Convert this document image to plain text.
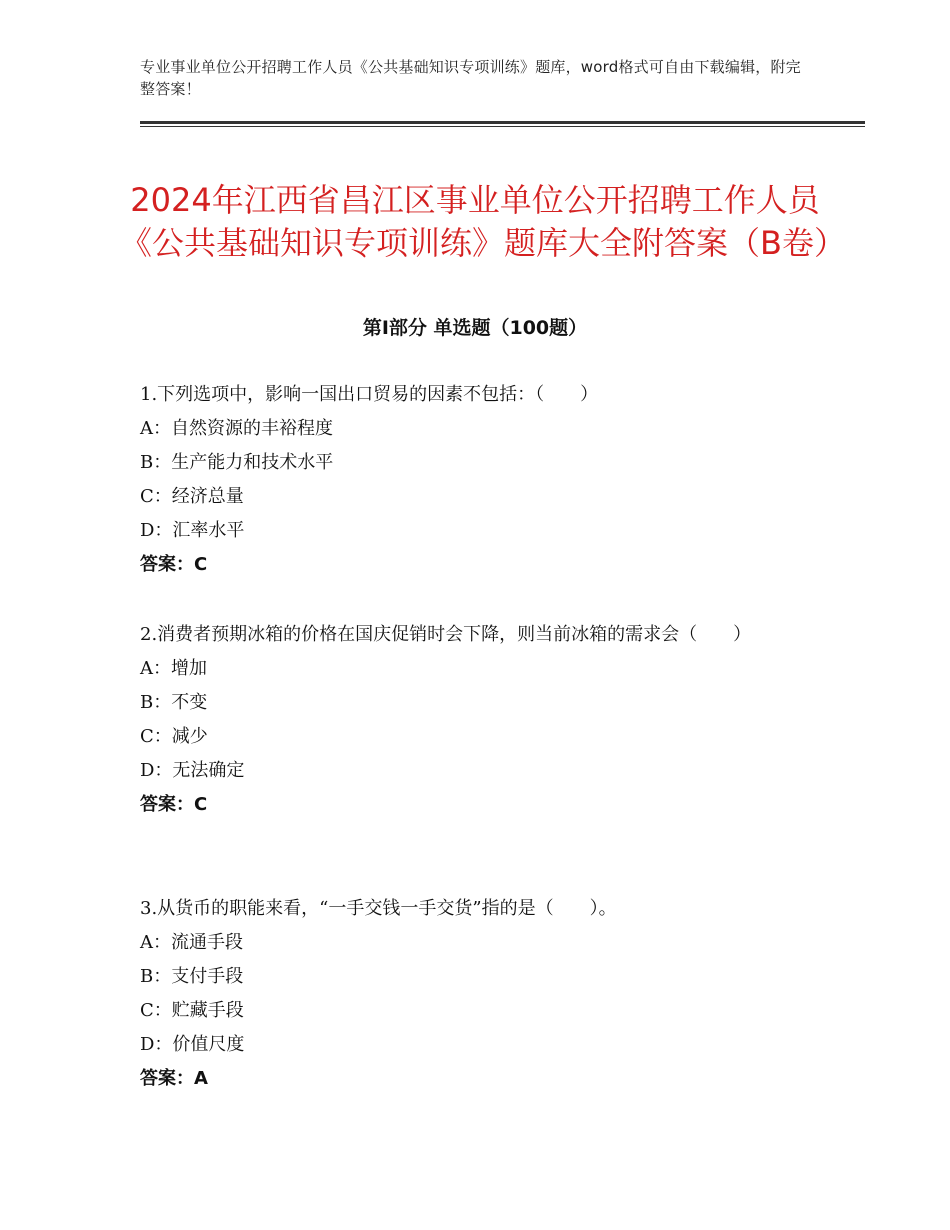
专业事业单位公开招聘工作人员《公共基础知识专项训练》题库，word格式可自由下载编辑，附完整答案！
2024年江西省昌江区事业单位公开招聘工作人员《公共基础知识专项训练》题库大全附答案（B卷）
第Ⅰ部分 单选题（100题）

1.下列选项中，影响一国出口贸易的因素不包括：（　　）

A：自然资源的丰裕程度

B：生产能力和技术水平

C：经济总量

D：汇率水平

答案：C

2.消费者预期冰箱的价格在国庆促销时会下降，则当前冰箱的需求会（　　）

A：增加

B：不变

C：减少

D：无法确定

答案：C

3.从货币的职能来看，“一手交钱一手交货”指的是（　　）。

A：流通手段

B：支付手段

C：贮藏手段

D：价值尺度

答案：A
